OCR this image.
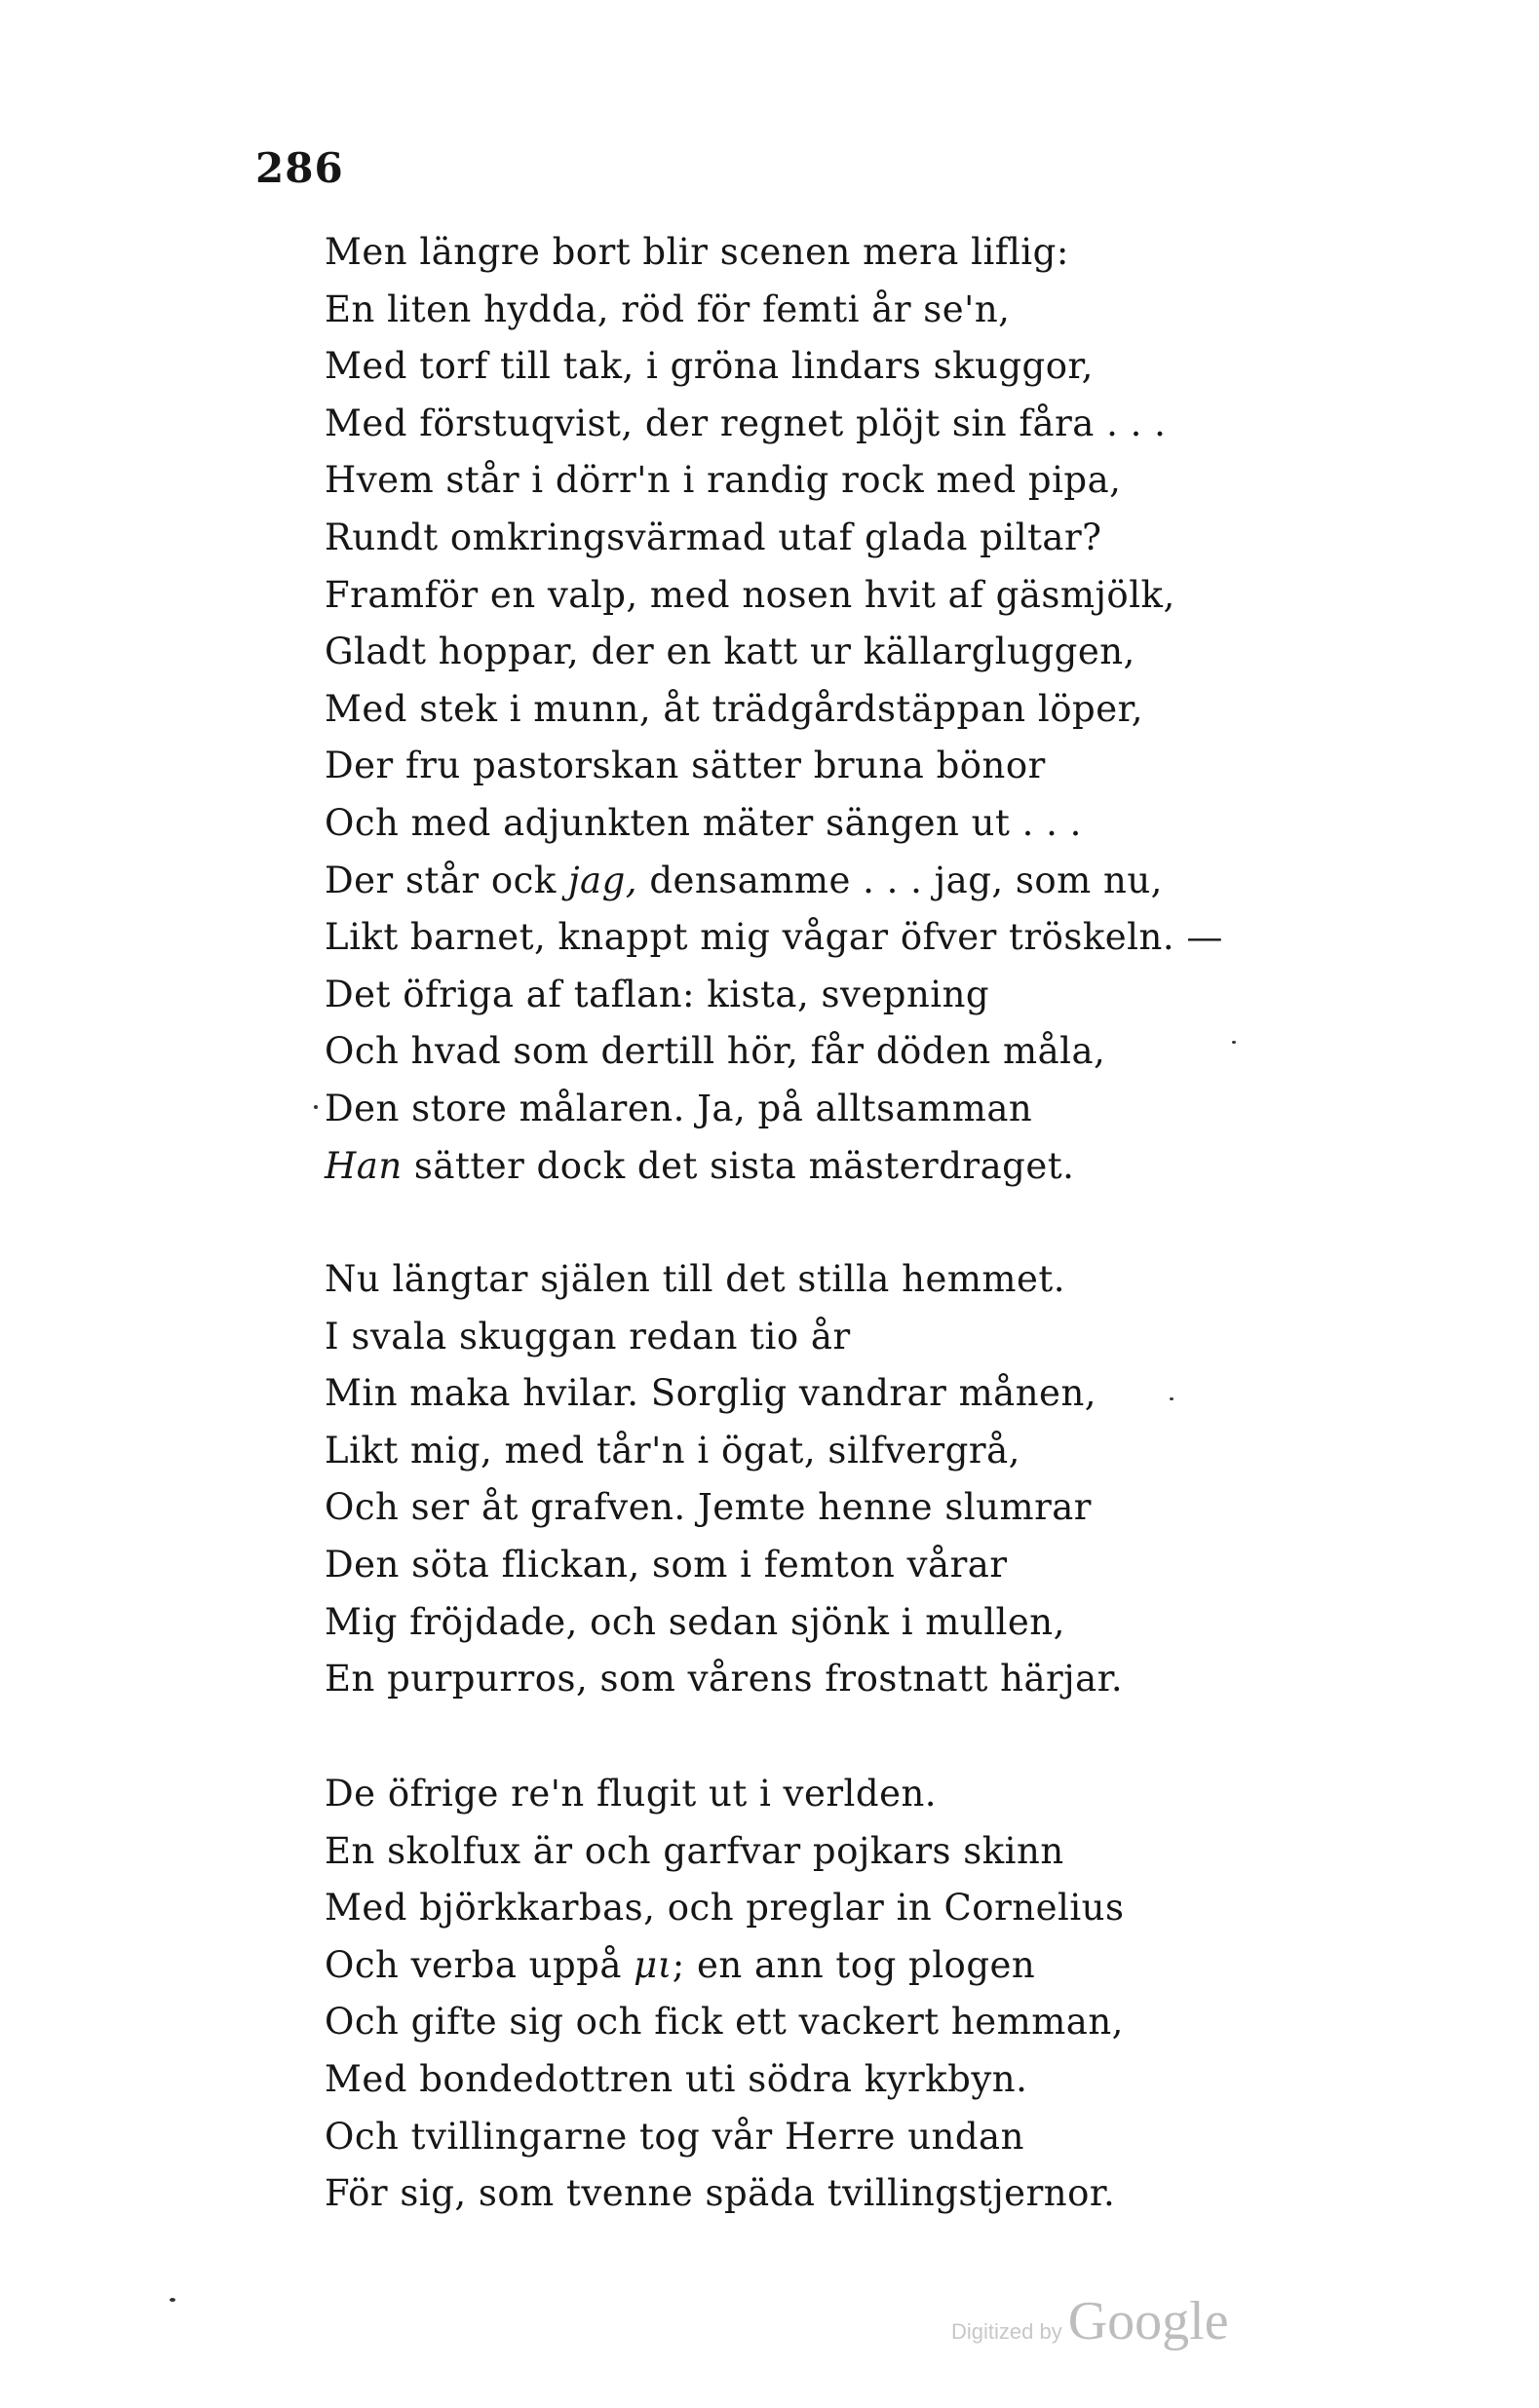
286
Men längre bort blir scenen mera liflig:
En liten hydda, röd för femti år se'n,
Med torf till tak, i gröna lindars skuggor,
Med förstuqvist, der regnet plöjt sin fåra . . .
Hvem står i dörr'n i randig rock med pipa,
Rundt omkringsvärmad utaf glada piltar?
Framför en valp, med nosen hvit af gäsmjölk,
Gladt hoppar, der en katt ur källargluggen,
Med stek i munn, åt trädgårdstäppan löper,
Der fru pastorskan sätter bruna bönor
Och med adjunkten mäter sängen ut . . .
Der står ock jag, densamme . . . jag, som nu,
Likt barnet, knappt mig vågar öfver tröskeln. —
Det öfriga af taflan: kista, svepning
Och hvad som dertill hör, får döden måla,
Den store målaren. Ja, på alltsamman
Han sätter dock det sista mästerdraget.
Nu längtar själen till det stilla hemmet.
I svala skuggan redan tio år
Min maka hvilar. Sorglig vandrar månen,
Likt mig, med tår'n i ögat, silfvergrå,
Och ser åt grafven. Jemte henne slumrar
Den söta flickan, som i femton vårar
Mig fröjdade, och sedan sjönk i mullen,
En purpurros, som vårens frostnatt härjar.
De öfrige re'n flugit ut i verlden.
En skolfux är och garfvar pojkars skinn
Med björkkarbas, och preglar in Cornelius
Och verba uppå μι; en ann tog plogen
Och gifte sig och fick ett vackert hemman,
Med bondedottren uti södra kyrkbyn.
Och tvillingarne tog vår Herre undan
För sig, som tvenne späda tvillingstjernor.
Digitized by Google
